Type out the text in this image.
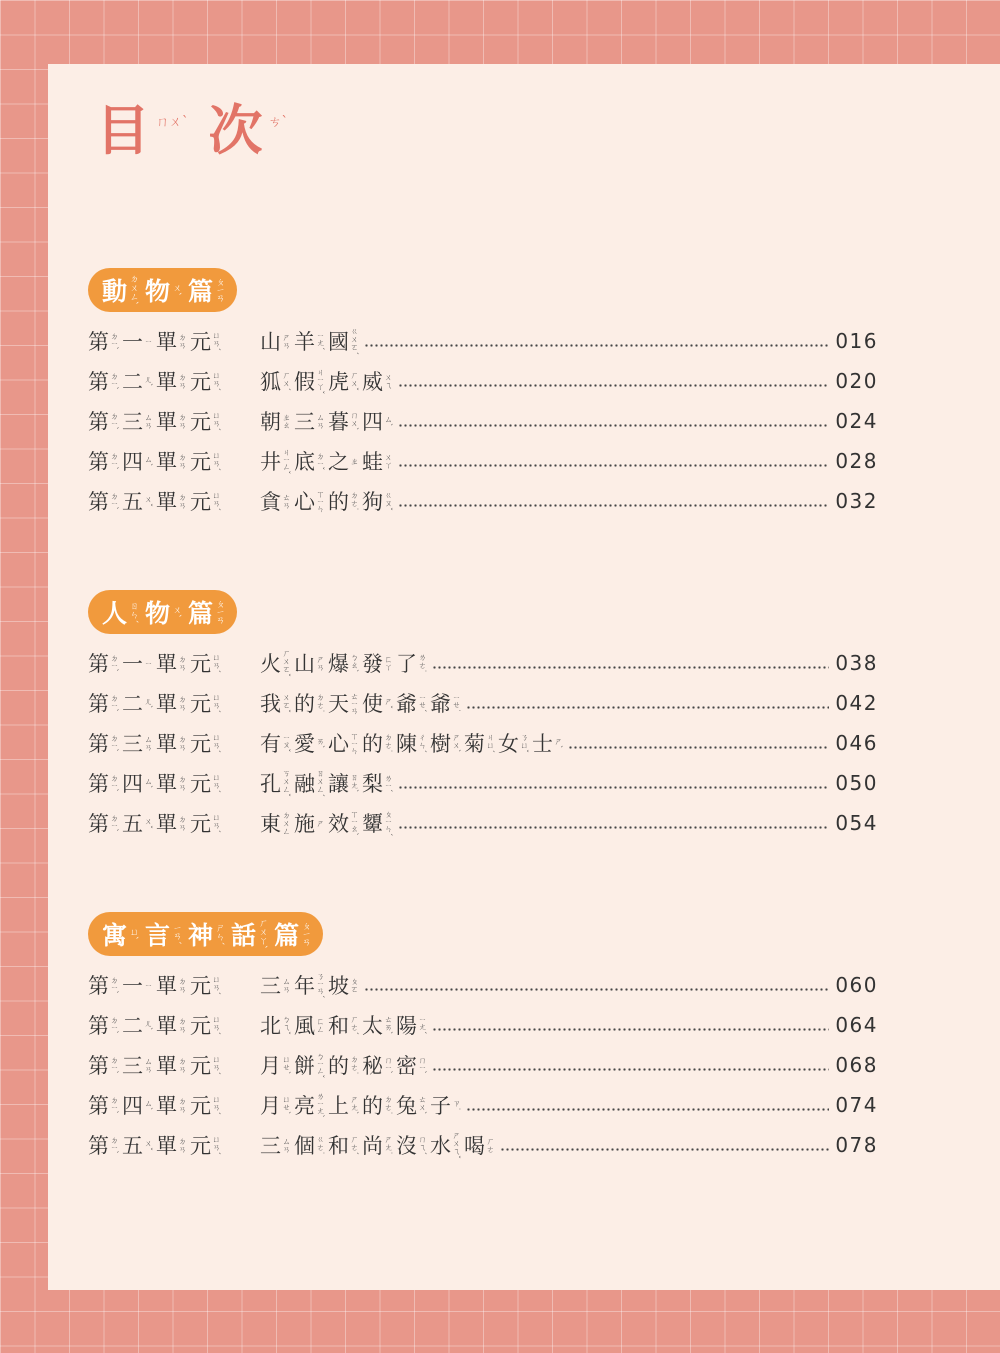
目 ㄇㄨˋ 次 ㄘˋ
動 ㄉㄨㄥˋ 物 ㄨˋ 篇 ㄆㄧㄢ
第 ㄉㄧˋ 一 ㄧ 單 ㄉㄢ 元 ㄩㄢˊ 山 ㄕㄢ 羊 ㄧㄤˊ 國 ㄍㄨㄛˊ	016
第 ㄉㄧˋ 二 ㄦˋ 單 ㄉㄢ 元 ㄩㄢˊ 狐 ㄏㄨˊ 假 ㄐㄧㄚˇ 虎 ㄏㄨˇ 威 ㄨㄟ	020
第 ㄉㄧˋ 三 ㄙㄢ 單 ㄉㄢ 元 ㄩㄢˊ 朝 ㄓㄠ 三 ㄙㄢ 暮 ㄇㄨˋ 四 ㄙˋ	024
第 ㄉㄧˋ 四 ㄙˋ 單 ㄉㄢ 元 ㄩㄢˊ 井 ㄐㄧㄥˇ 底 ㄉㄧˇ 之 ㄓ 蛙 ㄨㄚ	028
第 ㄉㄧˋ 五 ㄨˇ 單 ㄉㄢ 元 ㄩㄢˊ 貪 ㄊㄢ 心 ㄒㄧㄣ 的 ㄉㄜ˙ 狗 ㄍㄡˇ	032
人 ㄖㄣˊ 物 ㄨˋ 篇 ㄆㄧㄢ
第 ㄉㄧˋ 一 ㄧ 單 ㄉㄢ 元 ㄩㄢˊ 火 ㄏㄨㄛˇ 山 ㄕㄢ 爆 ㄅㄠˋ 發 ㄈㄚ 了 ㄌㄜ˙	038
第 ㄉㄧˋ 二 ㄦˋ 單 ㄉㄢ 元 ㄩㄢˊ 我 ㄨㄛˇ 的 ㄉㄜ˙ 天 ㄊㄧㄢ 使 ㄕˇ 爺 ㄧㄝˊ 爺 ㄧㄝ˙	042
第 ㄉㄧˋ 三 ㄙㄢ 單 ㄉㄢ 元 ㄩㄢˊ 有 ㄧㄡˇ 愛 ㄞˋ 心 ㄒㄧㄣ 的 ㄉㄜ˙ 陳 ㄔㄣˊ 樹 ㄕㄨˋ 菊 ㄐㄩˊ 女 ㄋㄩˇ 士 ㄕˋ	046
第 ㄉㄧˋ 四 ㄙˋ 單 ㄉㄢ 元 ㄩㄢˊ 孔 ㄎㄨㄥˇ 融 ㄖㄨㄥˊ 讓 ㄖㄤˋ 梨 ㄌㄧˊ	050
第 ㄉㄧˋ 五 ㄨˇ 單 ㄉㄢ 元 ㄩㄢˊ 東 ㄉㄨㄥ 施 ㄕ 效 ㄒㄧㄠˋ 顰 ㄆㄧㄣˊ	054
寓 ㄩˋ 言 ㄧㄢˊ 神 ㄕㄣˊ 話 ㄏㄨㄚˋ 篇 ㄆㄧㄢ
第 ㄉㄧˋ 一 ㄧ 單 ㄉㄢ 元 ㄩㄢˊ 三 ㄙㄢ 年 ㄋㄧㄢˊ 坡 ㄆㄛ	060
第 ㄉㄧˋ 二 ㄦˋ 單 ㄉㄢ 元 ㄩㄢˊ 北 ㄅㄟˇ 風 ㄈㄥ 和 ㄏㄜˊ 太 ㄊㄞˋ 陽 ㄧㄤˊ	064
第 ㄉㄧˋ 三 ㄙㄢ 單 ㄉㄢ 元 ㄩㄢˊ 月 ㄩㄝˋ 餅 ㄅㄧㄥˇ 的 ㄉㄜ˙ 秘 ㄇㄧˋ 密 ㄇㄧˋ	068
第 ㄉㄧˋ 四 ㄙˋ 單 ㄉㄢ 元 ㄩㄢˊ 月 ㄩㄝˋ 亮 ㄌㄧㄤˋ 上 ㄕㄤˋ 的 ㄉㄜ˙ 兔 ㄊㄨˋ 子 ㄗ˙	074
第 ㄉㄧˋ 五 ㄨˇ 單 ㄉㄢ 元 ㄩㄢˊ 三 ㄙㄢ 個 ㄍㄜ˙ 和 ㄏㄜˊ 尚 ㄕㄤ˙ 沒 ㄇㄟˊ 水 ㄕㄨㄟˇ 喝 ㄏㄜ	078
